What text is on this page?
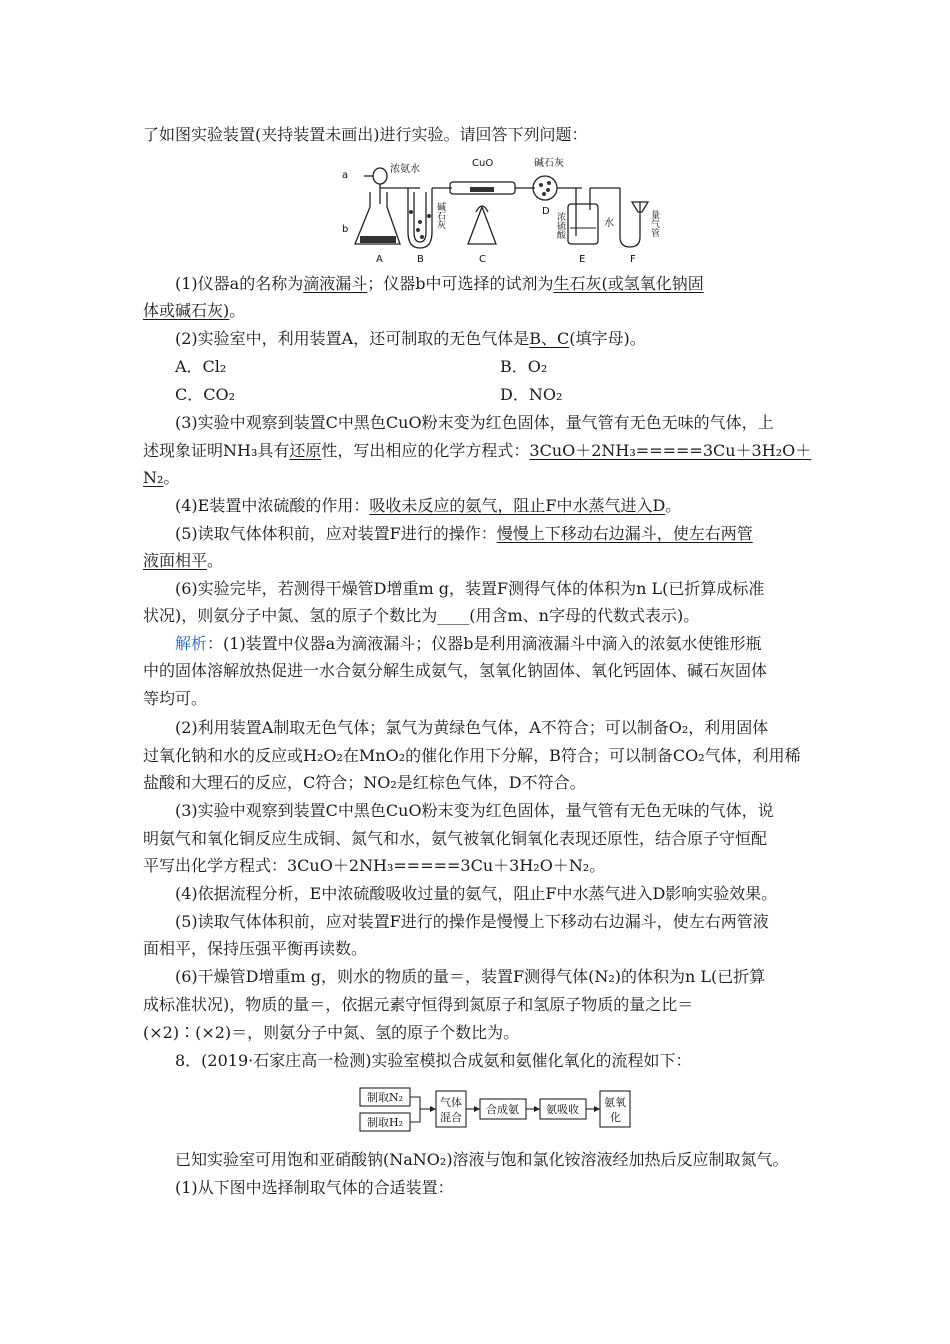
了如图实验装置(夹持装置未画出)进行实验。请回答下列问题：
a
b
浓氨水
CuO	碱石灰
水
A	B	C
D
E	F
碱石灰	浓硫酸	量气管
(1)仪器a的名称为滴液漏斗；仪器b中可选择的试剂为生石灰(或氢氧化钠固
体或碱石灰)。
(2)实验室中，利用装置A，还可制取的无色气体是B、C(填字母)。
A．Cl₂	B．O₂
C．CO₂	D．NO₂
(3)实验中观察到装置C中黑色CuO粉末变为红色固体，量气管有无色无味的气体，上
述现象证明NH₃具有还原性，写出相应的化学方程式：3CuO＋2NH₃=====3Cu＋3H₂O＋
N₂。
(4)E装置中浓硫酸的作用：吸收未反应的氨气，阻止F中水蒸气进入D。
(5)读取气体体积前，应对装置F进行的操作：慢慢上下移动右边漏斗，使左右两管
液面相平。
(6)实验完毕，若测得干燥管D增重m g，装置F测得气体的体积为n L(已折算成标准
状况)，则氨分子中氮、氢的原子个数比为____(用含m、n字母的代数式表示)。
解析：(1)装置中仪器a为滴液漏斗；仪器b是利用滴液漏斗中滴入的浓氨水使锥形瓶
中的固体溶解放热促进一水合氨分解生成氨气，氢氧化钠固体、氧化钙固体、碱石灰固体
等均可。
(2)利用装置A制取无色气体；氯气为黄绿色气体，A不符合；可以制备O₂，利用固体
过氧化钠和水的反应或H₂O₂在MnO₂的催化作用下分解，B符合；可以制备CO₂气体，利用稀
盐酸和大理石的反应，C符合；NO₂是红棕色气体，D不符合。
(3)实验中观察到装置C中黑色CuO粉末变为红色固体，量气管有无色无味的气体，说
明氨气和氧化铜反应生成铜、氮气和水，氨气被氧化铜氧化表现还原性，结合原子守恒配
平写出化学方程式：3CuO＋2NH₃=====3Cu＋3H₂O＋N₂。
(4)依据流程分析，E中浓硫酸吸收过量的氨气，阻止F中水蒸气进入D影响实验效果。
(5)读取气体体积前，应对装置F进行的操作是慢慢上下移动右边漏斗，使左右两管液
面相平，保持压强平衡再读数。
(6)干燥管D增重m g，则水的物质的量＝，装置F测得气体(N₂)的体积为n L(已折算
成标准状况)，物质的量＝，依据元素守恒得到氮原子和氢原子物质的量之比＝
(×2)∶(×2)＝，则氨分子中氮、氢的原子个数比为。
8．(2019·石家庄高一检测)实验室模拟合成氨和氨催化氧化的流程如下：
制取N₂
制取H₂
气体
混合
合成氨 氨吸收
氨氧
化
已知实验室可用饱和亚硝酸钠(NaNO₂)溶液与饱和氯化铵溶液经加热后反应制取氮气。
(1)从下图中选择制取气体的合适装置：
